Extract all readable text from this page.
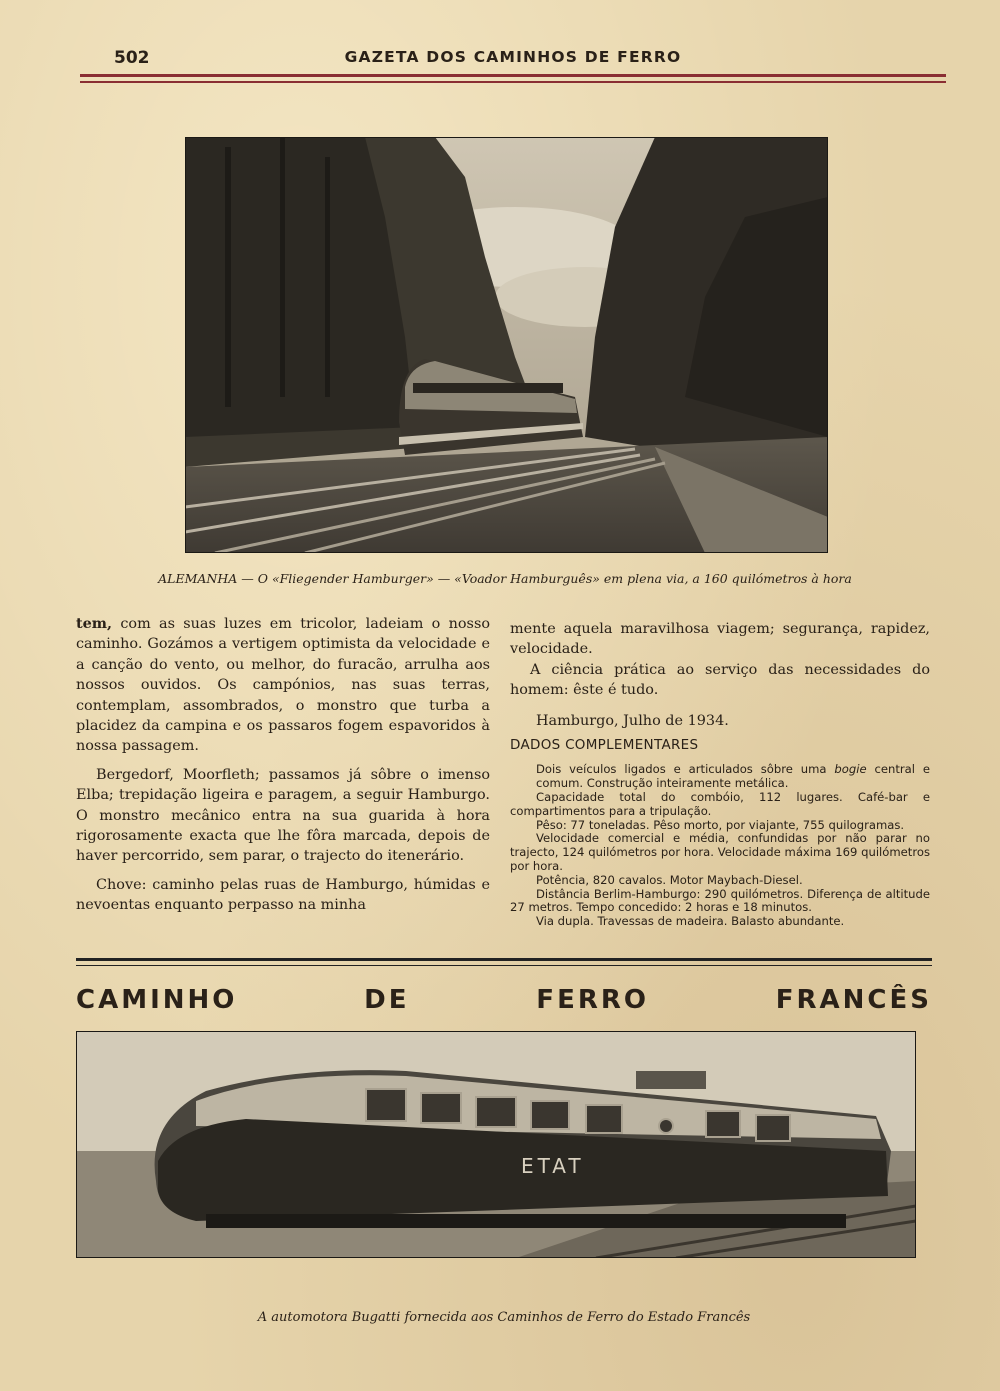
502	GAZETA DOS CAMINHOS DE FERRO
ALEMANHA — O «Fliegender Hamburger» — «Voador Hamburguês» em plena via, a 160 quilómetros à hora

tem, com as suas luzes em tricolor, ladeiam o nosso caminho. Gozámos a vertigem optimista da velocidade e a canção do vento, ou melhor, do furacão, arrulha aos nossos ouvidos. Os campónios, nas suas terras, contemplam, assombrados, o monstro que turba a placidez da campina e os passaros fogem espavoridos à nossa passagem.

Bergedorf, Moorfleth; passamos já sôbre o imenso Elba; trepidação ligeira e paragem, a seguir Hamburgo. O monstro mecânico entra na sua guarida à hora rigorosamente exacta que lhe fôra marcada, depois de haver percorrido, sem parar, o trajecto do itenerário.

Chove: caminho pelas ruas de Hamburgo, húmidas e nevoentas enquanto perpasso na minha

mente aquela maravilhosa viagem; segurança, rapidez, velocidade.

A ciência prática ao serviço das necessidades do homem: êste é tudo.

Hamburgo, Julho de 1934.

DADOS COMPLEMENTARES

Dois veículos ligados e articulados sôbre uma bogie central e comum. Construção inteiramente metálica.

Capacidade total do combóio, 112 lugares. Café-bar e compartimentos para a tripulação.

Pêso: 77 toneladas. Pêso morto, por viajante, 755 quilogramas.

Velocidade comercial e média, confundidas por não parar no trajecto, 124 quilómetros por hora. Velocidade máxima 169 quilómetros por hora.

Potência, 820 cavalos. Motor Maybach-Diesel.

Distância Berlim-Hamburgo: 290 quilómetros. Diferença de altitude 27 metros. Tempo concedido: 2 horas e 18 minutos.

Via dupla. Travessas de madeira. Balasto abundante.

CAMINHO DE FERRO FRANCÊS
ETAT
A automotora Bugatti fornecida aos Caminhos de Ferro do Estado Francês
